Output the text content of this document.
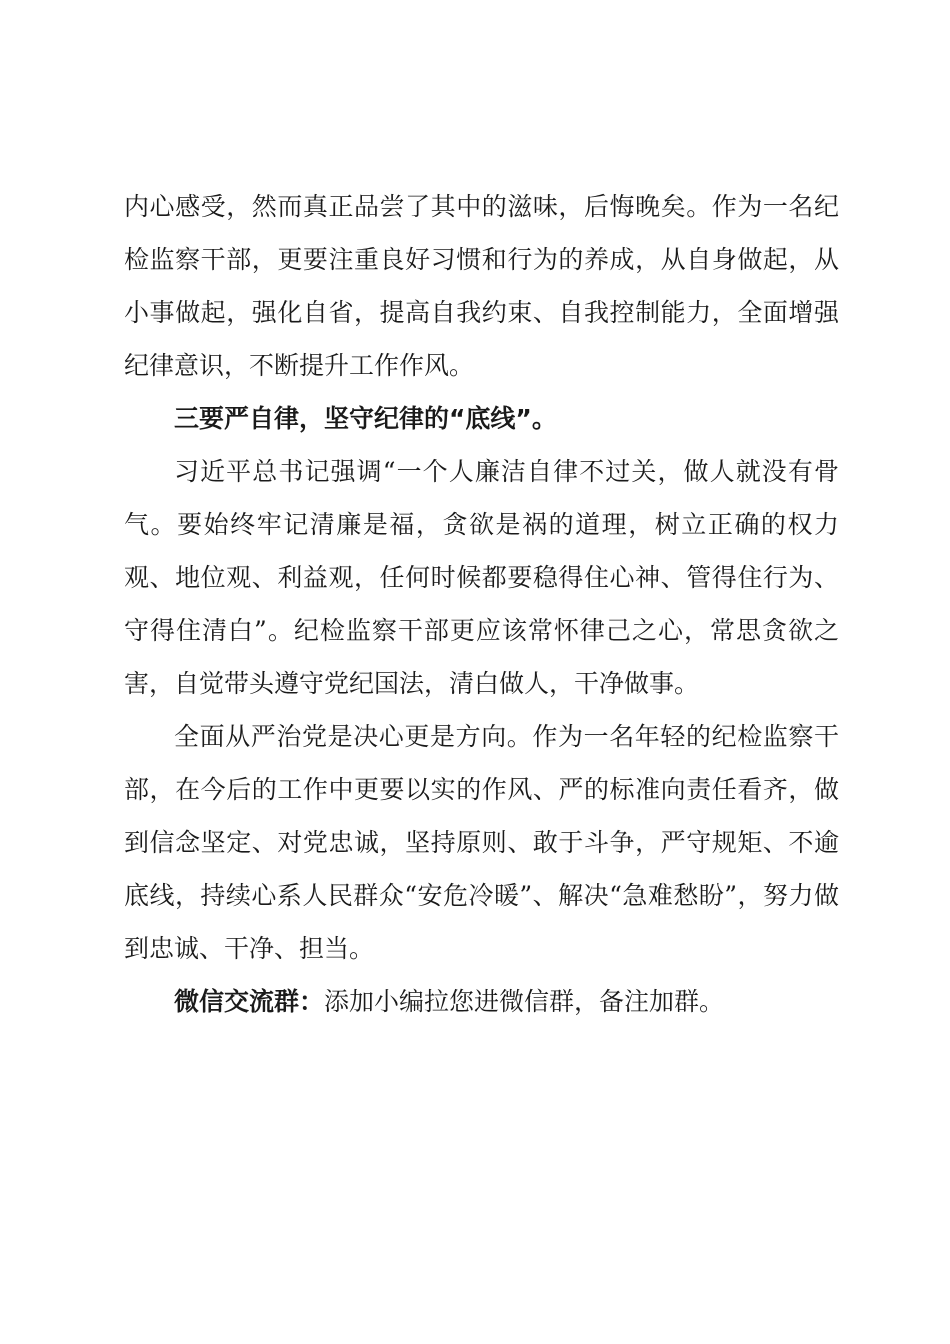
内心感受，然而真正品尝了其中的滋味，后悔晚矣。作为一名纪检监察干部，更要注重良好习惯和行为的养成，从自身做起，从小事做起，强化自省，提高自我约束、自我控制能力，全面增强纪律意识，不断提升工作作风。

三要严自律，坚守纪律的“底线”。

习近平总书记强调“一个人廉洁自律不过关，做人就没有骨气。要始终牢记清廉是福，贪欲是祸的道理，树立正确的权力观、地位观、利益观，任何时候都要稳得住心神、管得住行为、守得住清白”。纪检监察干部更应该常怀律己之心，常思贪欲之害，自觉带头遵守党纪国法，清白做人，干净做事。

全面从严治党是决心更是方向。作为一名年轻的纪检监察干部，在今后的工作中更要以实的作风、严的标准向责任看齐，做到信念坚定、对党忠诚，坚持原则、敢于斗争，严守规矩、不逾底线，持续心系人民群众“安危冷暖”、解决“急难愁盼”，努力做到忠诚、干净、担当。

微信交流群：添加小编拉您进微信群，备注加群。
